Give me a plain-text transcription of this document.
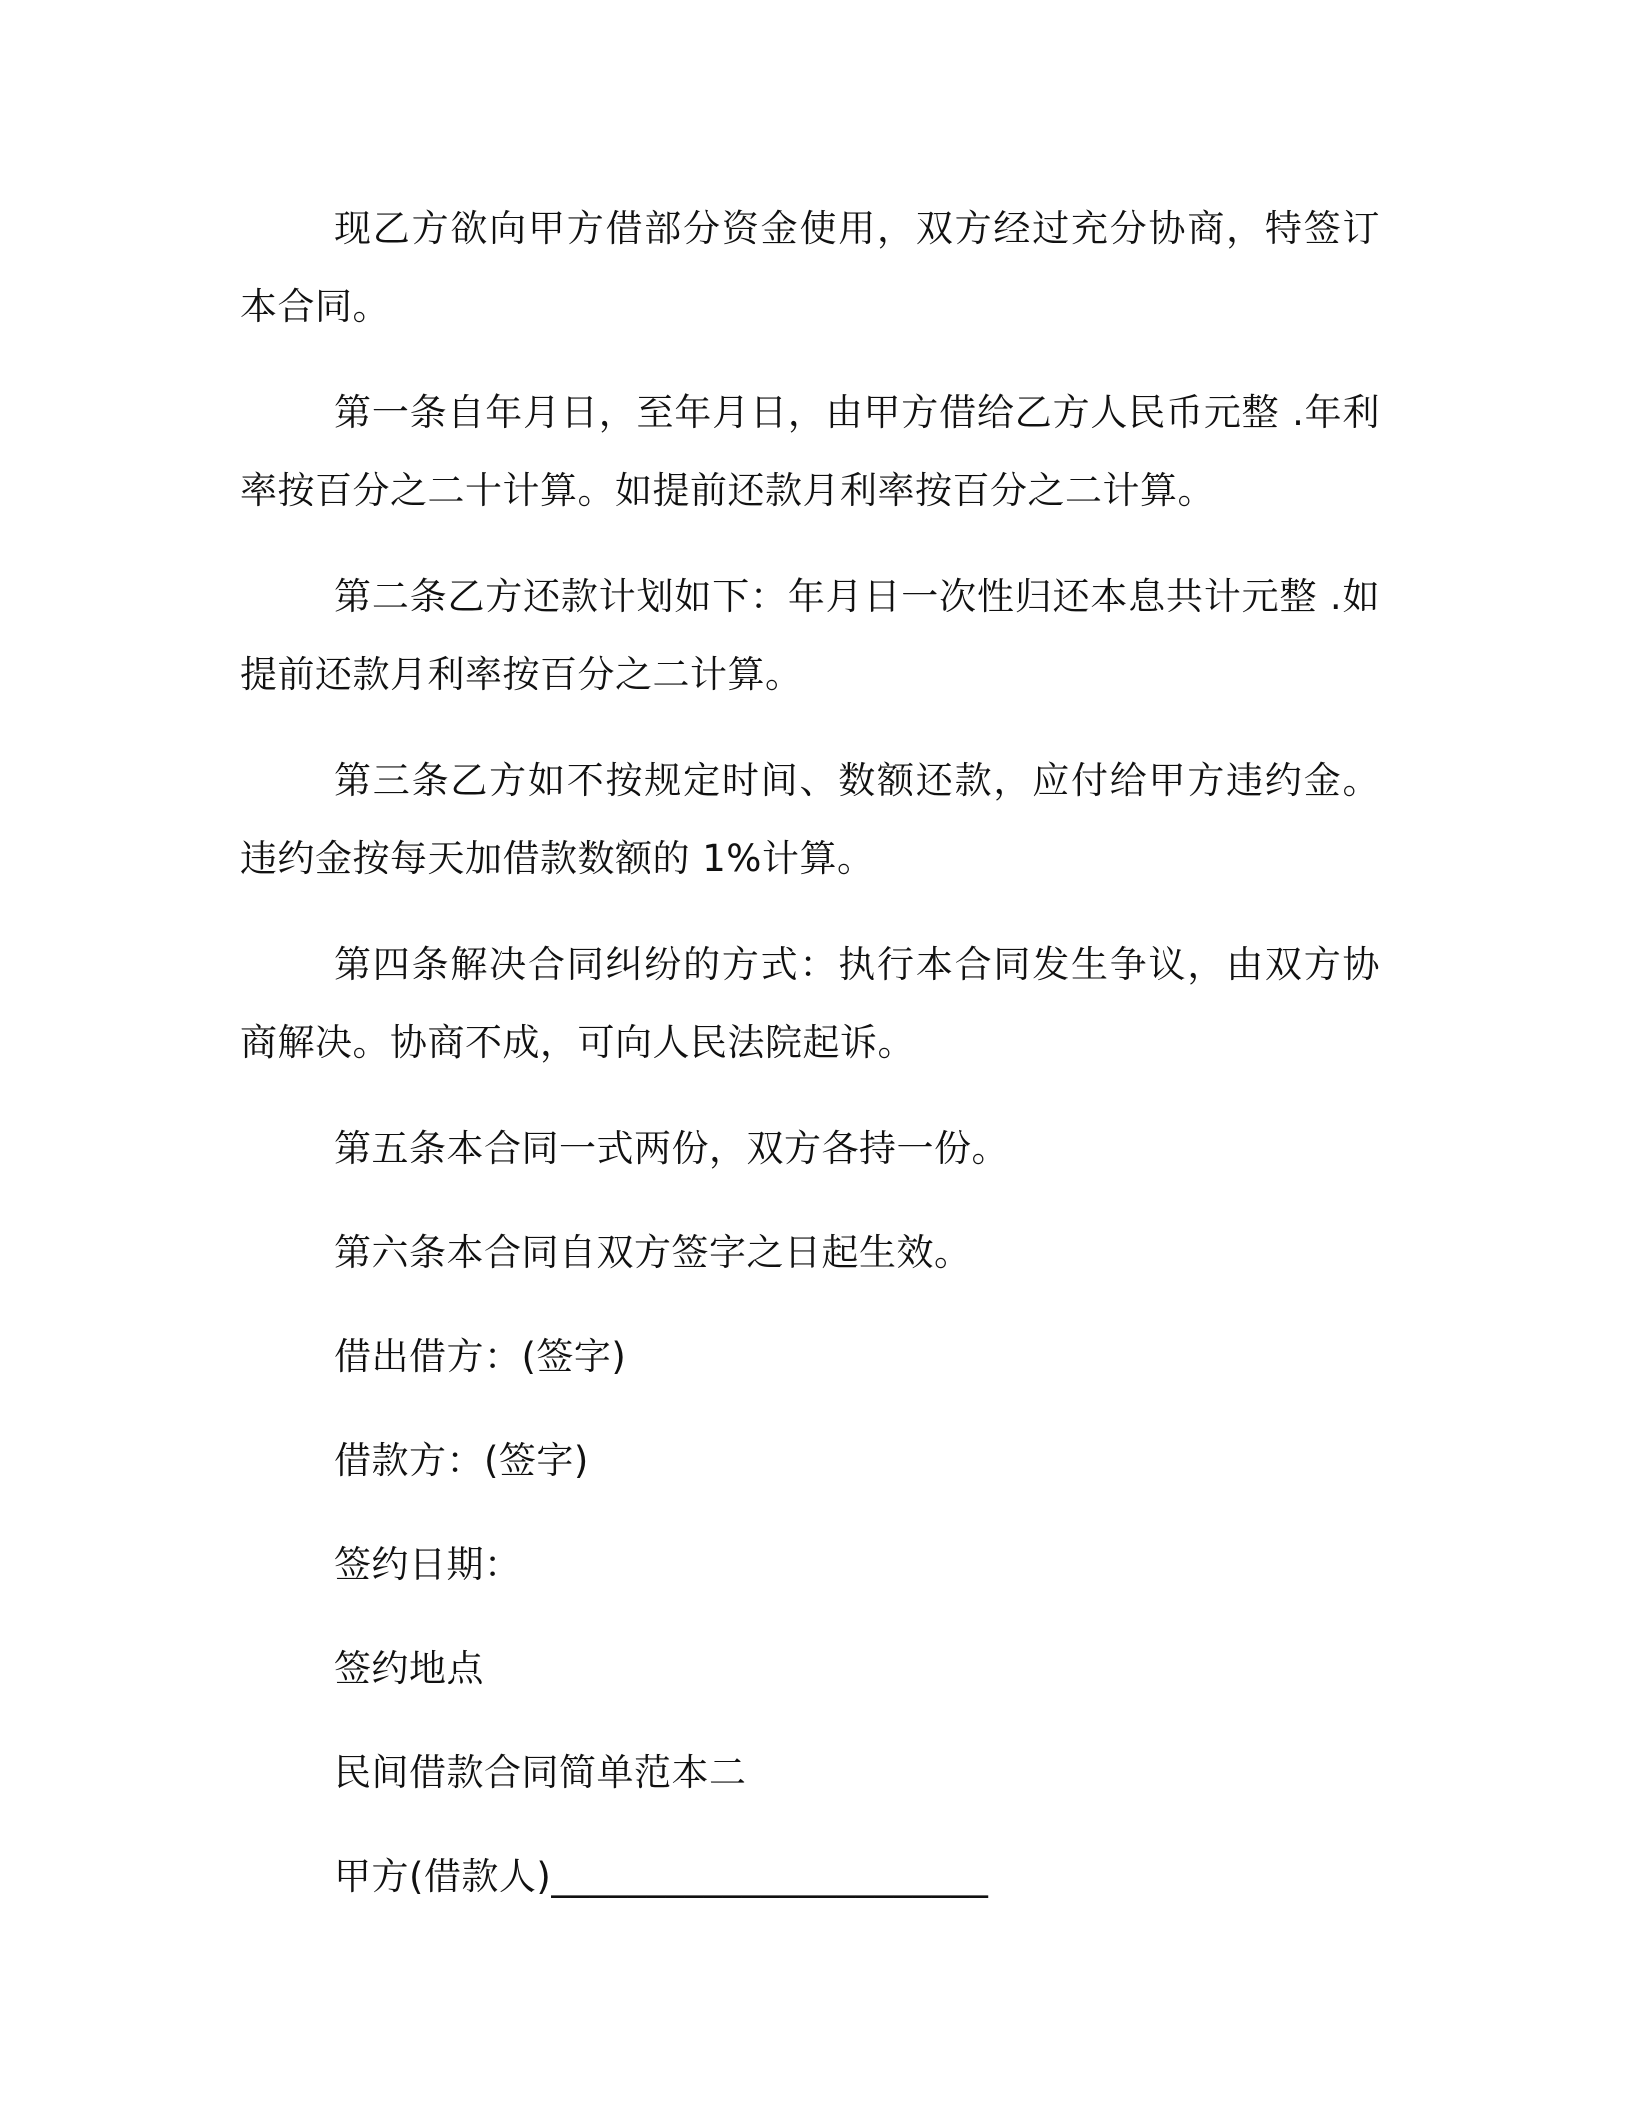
现乙方欲向甲方借部分资金使用，双方经过充分协商，特签订本合同。

第一条自年月日，至年月日，由甲方借给乙方人民币元整 .年利率按百分之二十计算。如提前还款月利率按百分之二计算。

第二条乙方还款计划如下：年月日一次性归还本息共计元整 .如提前还款月利率按百分之二计算。

第三条乙方如不按规定时间、数额还款，应付给甲方违约金。违约金按每天加借款数额的 1%计算。

第四条解决合同纠纷的方式：执行本合同发生争议，由双方协商解决。协商不成，可向人民法院起诉。

第五条本合同一式两份，双方各持一份。

第六条本合同自双方签字之日起生效。

借出借方：(签字)

借款方：(签字)

签约日期：

签约地点

民间借款合同简单范本二

甲方(借款人)_______________________
